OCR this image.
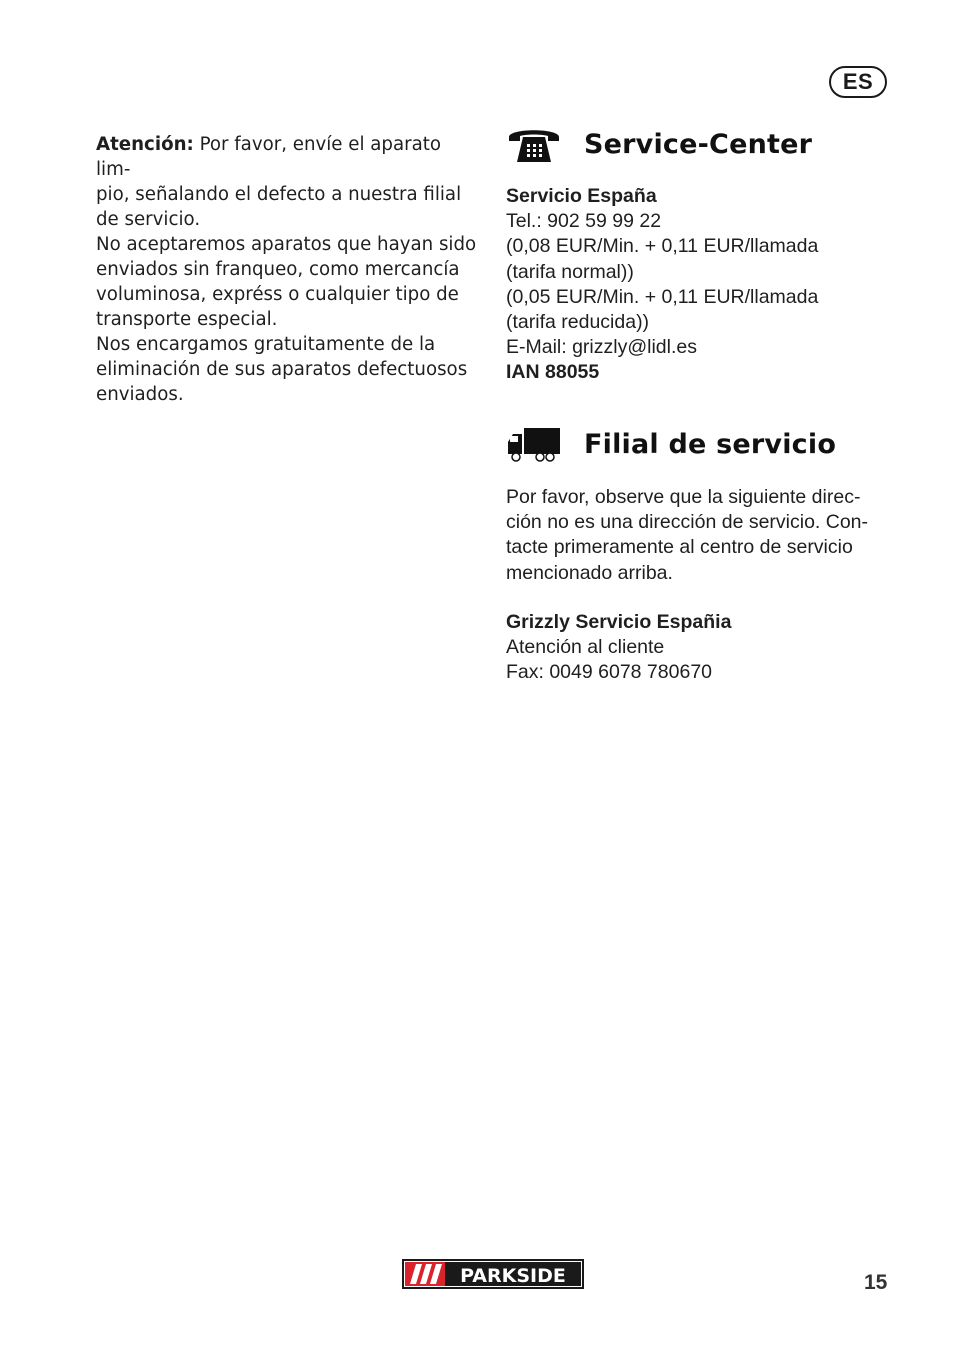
ES

Atención: Por favor, envíe el aparato lim-

pio, señalando el defecto a nuestra filial

de servicio.

No aceptaremos aparatos que hayan sido

enviados sin franqueo, como mercancía

voluminosa, expréss o cualquier tipo de

transporte especial.

Nos encargamos gratuitamente de la

eliminación de sus aparatos defectuosos

enviados.

Service-Center
Servicio España
Tel.: 902 59 99 22
(0,08 EUR/Min. + 0,11 EUR/llamada
(tarifa normal))
(0,05 EUR/Min. + 0,11 EUR/llamada
(tarifa reducida))
E-Mail: grizzly@lidl.es
IAN 88055
Filial de servicio
Por favor, observe que la siguiente direc-
ción no es una dirección de servicio. Con-
tacte primeramente al centro de servicio
mencionado arriba.
Grizzly Servicio Españia
Atención al cliente
Fax: 0049 6078 780670
PARKSIDE	15
